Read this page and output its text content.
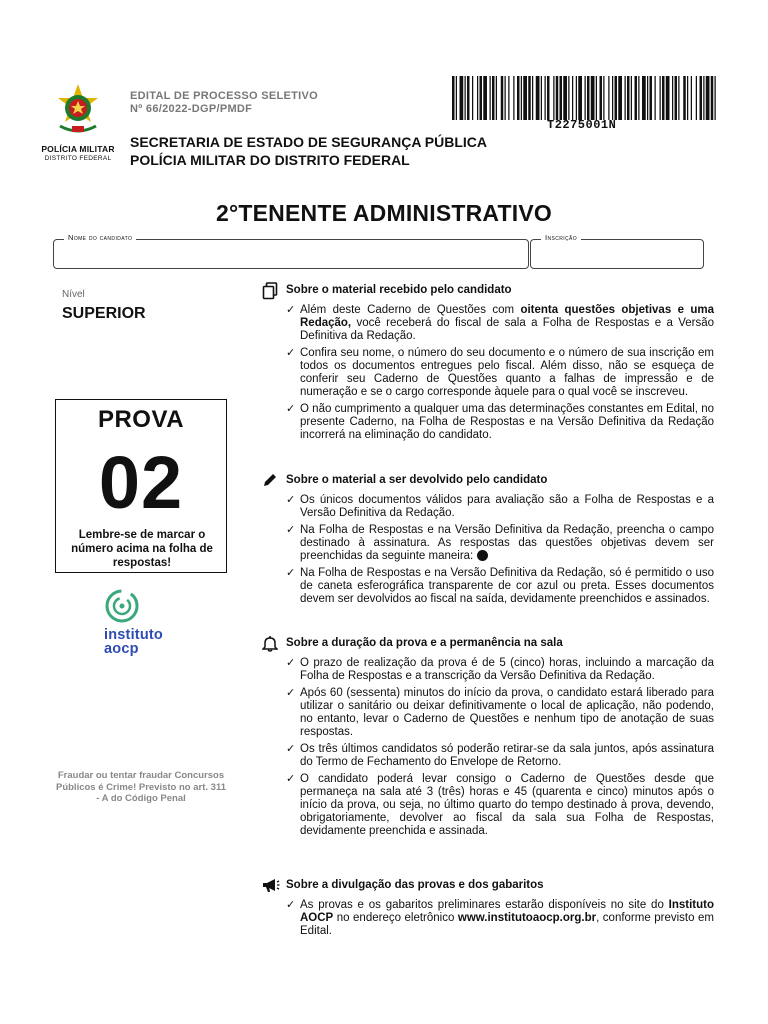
POLÍCIA MILITAR
DISTRITO FEDERAL
EDITAL DE PROCESSO SELETIVO
Nº 66/2022-DGP/PMDF
SECRETARIA DE ESTADO DE SEGURANÇA PÚBLICA
POLÍCIA MILITAR DO DISTRITO FEDERAL
T2275001N
2°TENENTE ADMINISTRATIVO
Nome do candidato	Inscrição
Nível
SUPERIOR
PROVA
02
Lembre-se de marcar o número acima na folha de respostas!
instituto
aocp
Fraudar ou tentar fraudar Concursos Públicos é Crime! Previsto no art. 311 - A do Código Penal
Sobre o material recebido pelo candidato
✓ Além deste Caderno de Questões com oitenta questões objetivas e uma Redação, você receberá do fiscal de sala a Folha de Respostas e a Versão Definitiva da Redação.
✓ Confira seu nome, o número do seu documento e o número de sua inscrição em todos os documentos entregues pelo fiscal. Além disso, não se esqueça de conferir seu Caderno de Questões quanto a falhas de impressão e de numeração e se o cargo corresponde àquele para o qual você se inscreveu.
✓ O não cumprimento a qualquer uma das determinações constantes em Edital, no presente Caderno, na Folha de Respostas e na Versão Definitiva da Redação incorrerá na eliminação do candidato.
Sobre o material a ser devolvido pelo candidato
✓ Os únicos documentos válidos para avaliação são a Folha de Respostas e a Versão Definitiva da Redação.
✓ Na Folha de Respostas e na Versão Definitiva da Redação, preencha o campo destinado à assinatura. As respostas das questões objetivas devem ser preenchidas da seguinte maneira:
✓ Na Folha de Respostas e na Versão Definitiva da Redação, só é permitido o uso de caneta esferográfica transparente de cor azul ou preta. Esses documentos devem ser devolvidos ao fiscal na saída, devidamente preenchidos e assinados.
Sobre a duração da prova e a permanência na sala
✓ O prazo de realização da prova é de 5 (cinco) horas, incluindo a marcação da Folha de Respostas e a transcrição da Versão Definitiva da Redação.
✓ Após 60 (sessenta) minutos do início da prova, o candidato estará liberado para utilizar o sanitário ou deixar definitivamente o local de aplicação, não podendo, no entanto, levar o Caderno de Questões e nenhum tipo de anotação de suas respostas.
✓ Os três últimos candidatos só poderão retirar-se da sala juntos, após assinatura do Termo de Fechamento do Envelope de Retorno.
✓ O candidato poderá levar consigo o Caderno de Questões desde que permaneça na sala até 3 (três) horas e 45 (quarenta e cinco) minutos após o início da prova, ou seja, no último quarto do tempo destinado à prova, devendo, obrigatoriamente, devolver ao fiscal da sala sua Folha de Respostas, devidamente preenchida e assinada.
Sobre a divulgação das provas e dos gabaritos
✓ As provas e os gabaritos preliminares estarão disponíveis no site do Instituto AOCP no endereço eletrônico www.institutoaocp.org.br, conforme previsto em Edital.
